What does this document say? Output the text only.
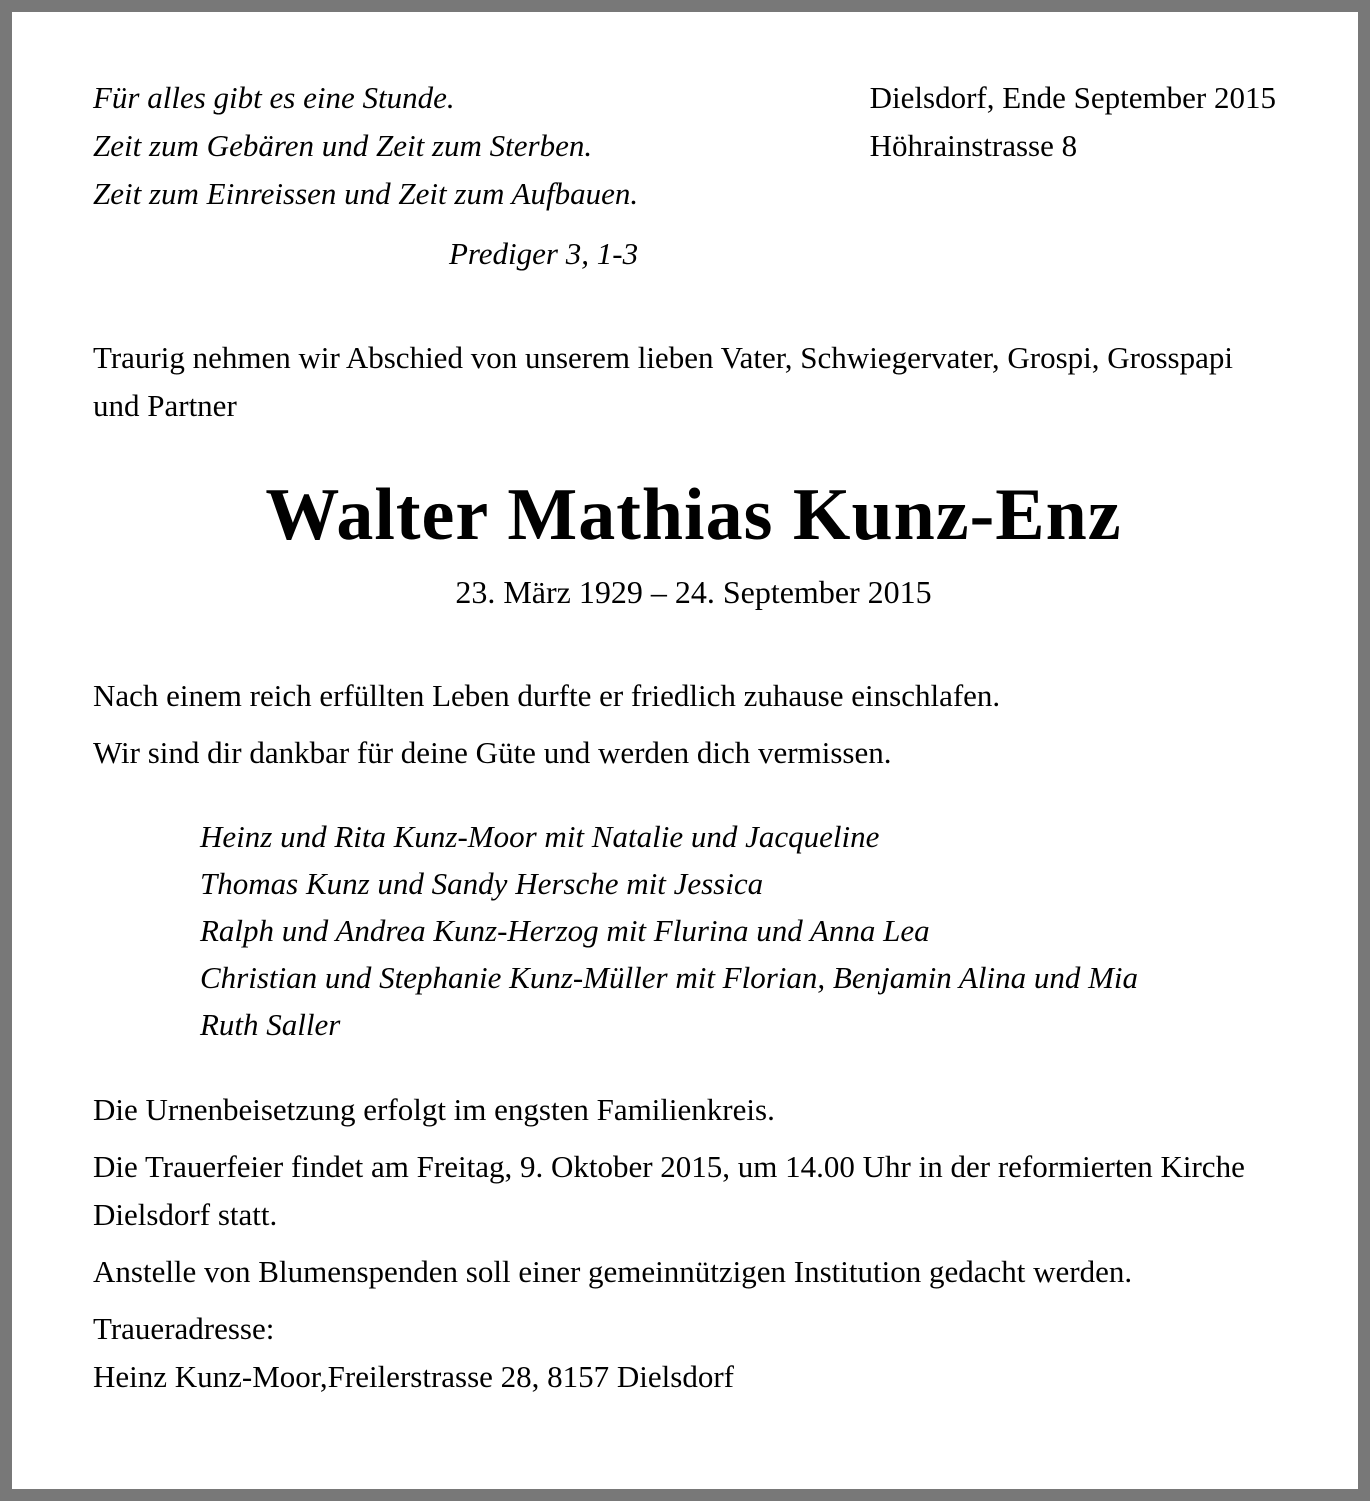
Für alles gibt es eine Stunde.
Zeit zum Gebären und Zeit zum Sterben.
Zeit zum Einreissen und Zeit zum Aufbauen.
Prediger 3, 1-3
Dielsdorf, Ende September 2015
Höhrainstrasse 8
Traurig nehmen wir Abschied von unserem lieben Vater, Schwiegervater, Grospi, Grosspapi und Partner
Walter Mathias Kunz-Enz
23. März 1929 – 24. September 2015
Nach einem reich erfüllten Leben durfte er friedlich zuhause einschlafen.
Wir sind dir dankbar für deine Güte und werden dich vermissen.
Heinz und Rita Kunz-Moor mit Natalie und Jacqueline
Thomas Kunz und Sandy Hersche mit Jessica
Ralph und Andrea Kunz-Herzog mit Flurina und Anna Lea
Christian und Stephanie Kunz-Müller mit Florian, Benjamin Alina und Mia
Ruth Saller
Die Urnenbeisetzung erfolgt im engsten Familienkreis.
Die Trauerfeier findet am Freitag, 9. Oktober 2015, um 14.00 Uhr in der reformierten Kirche Dielsdorf statt.
Anstelle von Blumenspenden soll einer gemeinnützigen Institution gedacht werden.
Traueradresse:
Heinz Kunz-Moor,Freilerstrasse 28, 8157 Dielsdorf
